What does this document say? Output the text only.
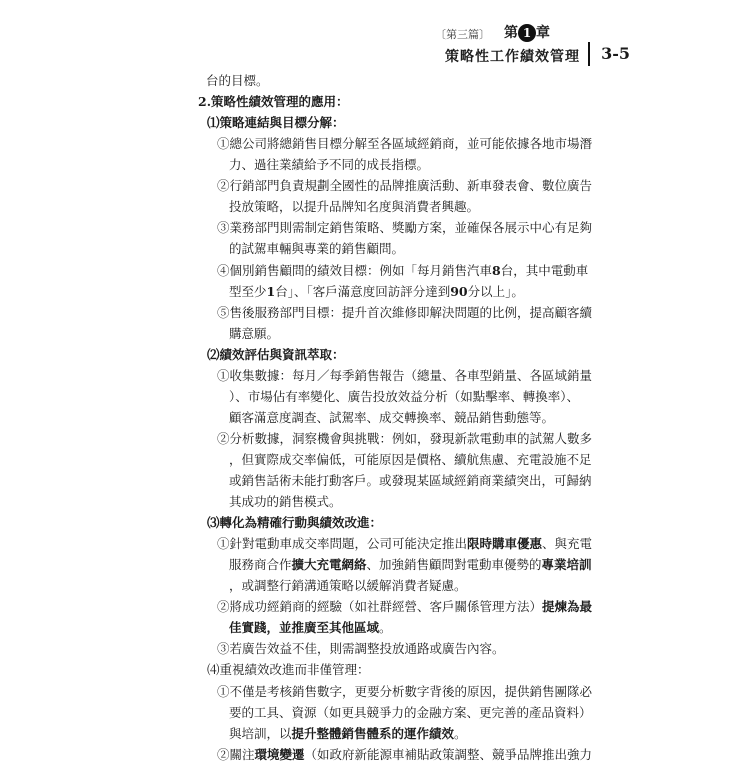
〔第三篇〕 第 1 章
策略性工作績效管理 3-5
台的目標。
2.策略性績效管理的應用：
⑴策略連結與目標分解：
①總公司將總銷售目標分解至各區域經銷商，並可能依據各地市場潛
力、過往業績給予不同的成長指標。
②行銷部門負責規劃全國性的品牌推廣活動、新車發表會、數位廣告
投放策略，以提升品牌知名度與消費者興趣。
③業務部門則需制定銷售策略、獎勵方案，並確保各展示中心有足夠
的試駕車輛與專業的銷售顧問。
④個別銷售顧問的績效目標：例如「每月銷售汽車8台，其中電動車
型至少1台」、「客戶滿意度回訪評分達到90分以上」。
⑤售後服務部門目標：提升首次維修即解決問題的比例，提高顧客續
購意願。
⑵績效評估與資訊萃取：
①收集數據：每月／每季銷售報告（總量、各車型銷量、各區域銷量
）、市場佔有率變化、廣告投放效益分析（如點擊率、轉換率）、
顧客滿意度調查、試駕率、成交轉換率、競品銷售動態等。
②分析數據，洞察機會與挑戰：例如，發現新款電動車的試駕人數多
，但實際成交率偏低，可能原因是價格、續航焦慮、充電設施不足
或銷售話術未能打動客戶。或發現某區域經銷商業績突出，可歸納
其成功的銷售模式。
⑶轉化為精確行動與績效改進：
①針對電動車成交率問題，公司可能決定推出限時購車優惠、與充電
服務商合作擴大充電網絡、加強銷售顧問對電動車優勢的專業培訓
，或調整行銷溝通策略以緩解消費者疑慮。
②將成功經銷商的經驗（如社群經營、客戶關係管理方法）提煉為最
佳實踐，並推廣至其他區域。
③若廣告效益不佳，則需調整投放通路或廣告內容。
⑷重視績效改進而非僅管理：
①不僅是考核銷售數字，更要分析數字背後的原因，提供銷售團隊必
要的工具、資源（如更具競爭力的金融方案、更完善的產品資料）
與培訓，以提升整體銷售體系的運作績效。
②關注環境變遷（如政府新能源車補貼政策調整、競爭品牌推出強力
